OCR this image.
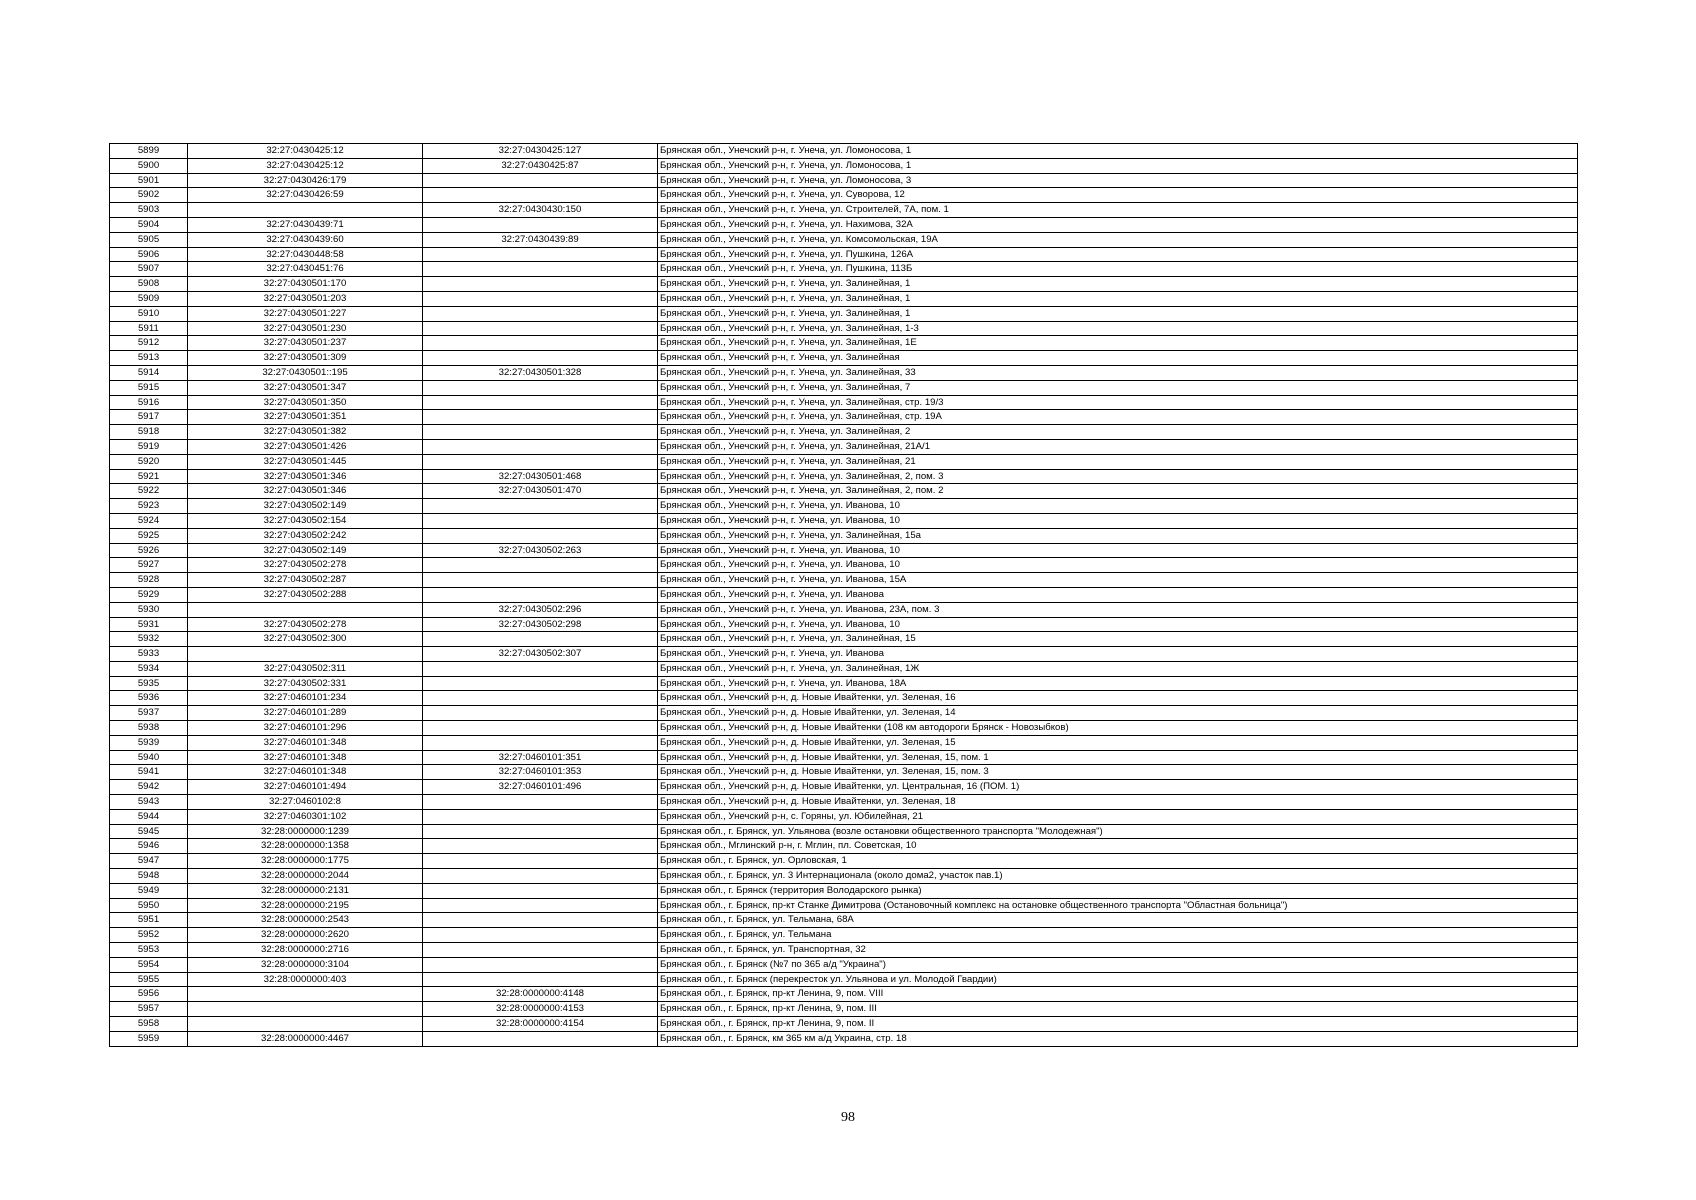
5899	32:27:0430425:12	32:27:0430425:127	Брянская обл., Унечский р-н, г. Унеча, ул. Ломоносова, 1
5900	32:27:0430425:12	32:27:0430425:87	Брянская обл., Унечский р-н, г. Унеча, ул. Ломоносова, 1
5901	32:27:0430426:179		Брянская обл., Унечский р-н, г. Унеча, ул. Ломоносова, 3
5902	32:27:0430426:59		Брянская обл., Унечский р-н, г. Унеча, ул. Суворова, 12
5903		32:27:0430430:150	Брянская обл., Унечский р-н, г. Унеча, ул. Строителей, 7А, пом. 1
5904	32:27:0430439:71		Брянская обл., Унечский р-н, г. Унеча, ул. Нахимова, 32А
5905	32:27:0430439:60	32:27:0430439:89	Брянская обл., Унечский р-н, г. Унеча, ул. Комсомольская, 19А
5906	32:27:0430448:58		Брянская обл., Унечский р-н, г. Унеча, ул. Пушкина, 126А
5907	32:27:0430451:76		Брянская обл., Унечский р-н, г. Унеча, ул. Пушкина, 113Б
5908	32:27:0430501:170		Брянская обл., Унечский р-н, г. Унеча, ул. Залинейная, 1
5909	32:27:0430501:203		Брянская обл., Унечский р-н, г. Унеча, ул. Залинейная, 1
5910	32:27:0430501:227		Брянская обл., Унечский р-н, г. Унеча, ул. Залинейная, 1
5911	32:27:0430501:230		Брянская обл., Унечский р-н, г. Унеча, ул. Залинейная, 1-3
5912	32:27:0430501:237		Брянская обл., Унечский р-н, г. Унеча, ул. Залинейная, 1Е
5913	32:27:0430501:309		Брянская обл., Унечский р-н, г. Унеча, ул. Залинейная
5914	32:27:0430501::195	32:27:0430501:328	Брянская обл., Унечский р-н, г. Унеча, ул. Залинейная, 33
5915	32:27:0430501:347		Брянская обл., Унечский р-н, г. Унеча, ул. Залинейная, 7
5916	32:27:0430501:350		Брянская обл., Унечский р-н, г. Унеча, ул. Залинейная, стр. 19/3
5917	32:27:0430501:351		Брянская обл., Унечский р-н, г. Унеча, ул. Залинейная, стр. 19А
5918	32:27:0430501:382		Брянская обл., Унечский р-н, г. Унеча, ул. Залинейная, 2
5919	32:27:0430501:426		Брянская обл., Унечский р-н, г. Унеча, ул. Залинейная, 21А/1
5920	32:27:0430501:445		Брянская обл., Унечский р-н, г. Унеча, ул. Залинейная, 21
5921	32:27:0430501:346	32:27:0430501:468	Брянская обл., Унечский р-н, г. Унеча, ул. Залинейная, 2, пом. 3
5922	32:27:0430501:346	32:27:0430501:470	Брянская обл., Унечский р-н, г. Унеча, ул. Залинейная, 2, пом. 2
5923	32:27:0430502:149		Брянская обл., Унечский р-н, г. Унеча, ул. Иванова, 10
5924	32:27:0430502:154		Брянская обл., Унечский р-н, г. Унеча, ул. Иванова, 10
5925	32:27:0430502:242		Брянская обл., Унечский р-н, г. Унеча, ул. Залинейная, 15а
5926	32:27:0430502:149	32:27:0430502:263	Брянская обл., Унечский р-н, г. Унеча, ул. Иванова, 10
5927	32:27:0430502:278		Брянская обл., Унечский р-н, г. Унеча, ул. Иванова, 10
5928	32:27:0430502:287		Брянская обл., Унечский р-н, г. Унеча, ул. Иванова, 15А
5929	32:27:0430502:288		Брянская обл., Унечский р-н, г. Унеча, ул. Иванова
5930		32:27:0430502:296	Брянская обл., Унечский р-н, г. Унеча, ул. Иванова, 23А, пом. 3
5931	32:27:0430502:278	32:27:0430502:298	Брянская обл., Унечский р-н, г. Унеча, ул. Иванова, 10
5932	32:27:0430502:300		Брянская обл., Унечский р-н, г. Унеча, ул. Залинейная, 15
5933		32:27:0430502:307	Брянская обл., Унечский р-н, г. Унеча, ул. Иванова
5934	32:27:0430502:311		Брянская обл., Унечский р-н, г. Унеча, ул. Залинейная, 1Ж
5935	32:27:0430502:331		Брянская обл., Унечский р-н, г. Унеча, ул. Иванова, 18А
5936	32:27:0460101:234		Брянская обл., Унечский р-н, д. Новые Ивайтенки, ул. Зеленая, 16
5937	32:27:0460101:289		Брянская обл., Унечский р-н, д. Новые Ивайтенки, ул. Зеленая, 14
5938	32:27:0460101:296		Брянская обл., Унечский р-н, д. Новые Ивайтенки (108 км автодороги Брянск - Новозыбков)
5939	32:27:0460101:348		Брянская обл., Унечский р-н, д. Новые Ивайтенки, ул. Зеленая, 15
5940	32:27:0460101:348	32:27:0460101:351	Брянская обл., Унечский р-н, д. Новые Ивайтенки, ул. Зеленая, 15, пом. 1
5941	32:27:0460101:348	32:27:0460101:353	Брянская обл., Унечский р-н, д. Новые Ивайтенки, ул. Зеленая, 15, пом. 3
5942	32:27:0460101:494	32:27:0460101:496	Брянская обл., Унечский р-н, д. Новые Ивайтенки, ул. Центральная, 16 (ПОМ. 1)
5943	32:27:0460102:8		Брянская обл., Унечский р-н, д. Новые Ивайтенки, ул. Зеленая, 18
5944	32:27:0460301:102		Брянская обл., Унечский р-н, с. Горяны, ул. Юбилейная, 21
5945	32:28:0000000:1239		Брянская обл., г. Брянск, ул. Ульянова (возле остановки общественного транспорта "Молодежная")
5946	32:28:0000000:1358		Брянская обл., Мглинский р-н, г. Мглин, пл. Советская, 10
5947	32:28:0000000:1775		Брянская обл., г. Брянск, ул. Орловская, 1
5948	32:28:0000000:2044		Брянская обл., г. Брянск, ул. 3 Интернационала (около дома2, участок пав.1)
5949	32:28:0000000:2131		Брянская обл., г. Брянск (территория Володарского рынка)
5950	32:28:0000000:2195		Брянская обл., г. Брянск, пр-кт Станке Димитрова (Остановочный комплекс на остановке общественного транспорта "Областная больница")
5951	32:28:0000000:2543		Брянская обл., г. Брянск, ул. Тельмана, 68А
5952	32:28:0000000:2620		Брянская обл., г. Брянск, ул. Тельмана
5953	32:28:0000000:2716		Брянская обл., г. Брянск, ул. Транспортная, 32
5954	32:28:0000000:3104		Брянская обл., г. Брянск (№7 по 365 а/д "Украина")
5955	32:28:0000000:403		Брянская обл., г. Брянск (перекресток ул. Ульянова и ул. Молодой Гвардии)
5956		32:28:0000000:4148	Брянская обл., г. Брянск, пр-кт Ленина, 9, пом. VIII
5957		32:28:0000000:4153	Брянская обл., г. Брянск, пр-кт Ленина, 9, пом. III
5958		32:28:0000000:4154	Брянская обл., г. Брянск, пр-кт Ленина, 9, пом. II
5959	32:28:0000000:4467		Брянская обл., г. Брянск, км 365 км а/д Украина, стр. 18
98
